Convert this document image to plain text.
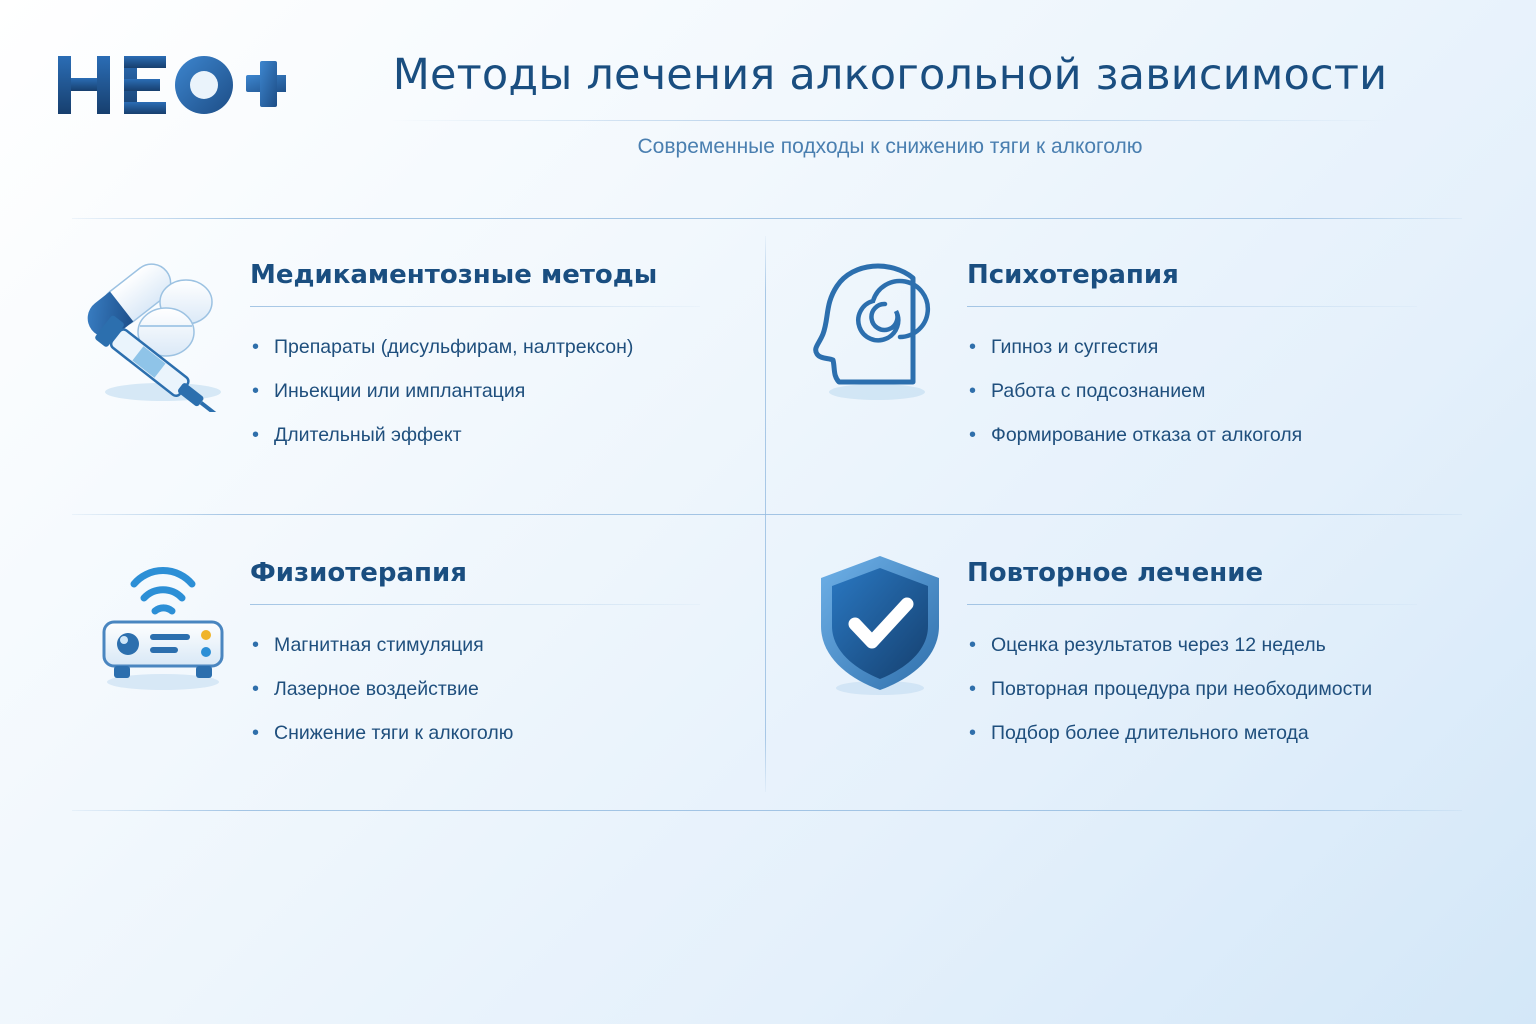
Методы лечения алкогольной зависимости
Современные подходы к снижению тяги к алкоголю
Медикаментозные методы
• Препараты (дисульфирам, налтрексон)
• Иньекции или имплантация
• Длительный эффект
Психотерапия
• Гипноз и суггестия
• Работа с подсознанием
• Формирование отказа от алкоголя
Физиотерапия
• Магнитная стимуляция
• Лазерное воздействие
• Снижение тяги к алкоголю
Повторное лечение
• Оценка результатов через 12 недель
• Повторная процедура при необходимости
• Подбор более длительного метода
